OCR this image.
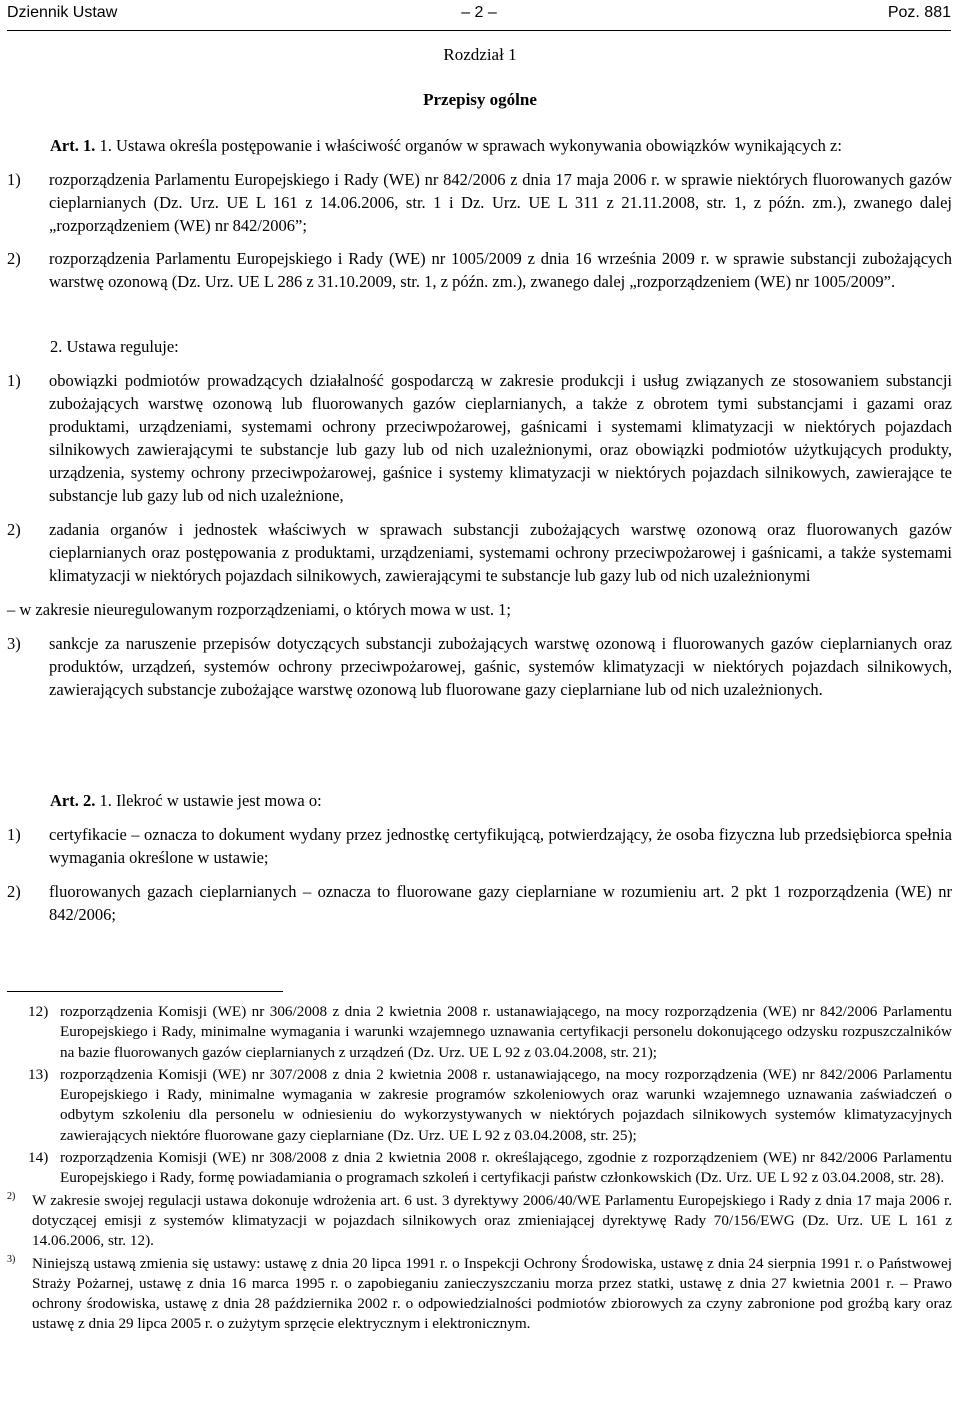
Dziennik Ustaw	– 2 –	Poz. 881
Rozdział 1
Przepisy ogólne

Art. 1. 1. Ustawa określa postępowanie i właściwość organów w sprawach wykonywania obowiązków wynikających z:

1) rozporządzenia Parlamentu Europejskiego i Rady (WE) nr 842/2006 z dnia 17 maja 2006 r. w sprawie niektórych fluorowanych gazów cieplarnianych (Dz. Urz. UE L 161 z 14.06.2006, str. 1 i Dz. Urz. UE L 311 z 21.11.2008, str. 1, z późn. zm.), zwanego dalej „rozporządzeniem (WE) nr 842/2006”;

2) rozporządzenia Parlamentu Europejskiego i Rady (WE) nr 1005/2009 z dnia 16 września 2009 r. w sprawie substancji zubożających warstwę ozonową (Dz. Urz. UE L 286 z 31.10.2009, str. 1, z późn. zm.), zwanego dalej „rozporządzeniem (WE) nr 1005/2009”.

2. Ustawa reguluje:

1) obowiązki podmiotów prowadzących działalność gospodarczą w zakresie produkcji i usług związanych ze stosowaniem substancji zubożających warstwę ozonową lub fluorowanych gazów cieplarnianych, a także z obrotem tymi substancjami i gazami oraz produktami, urządzeniami, systemami ochrony przeciwpożarowej, gaśnicami i systemami klimatyzacji w niektórych pojazdach silnikowych zawierającymi te substancje lub gazy lub od nich uzależnionymi, oraz obowiązki podmiotów użytkujących produkty, urządzenia, systemy ochrony przeciwpożarowej, gaśnice i systemy klimatyzacji w niektórych pojazdach silnikowych, zawierające te substancje lub gazy lub od nich uzależnione,

2) zadania organów i jednostek właściwych w sprawach substancji zubożających warstwę ozonową oraz fluorowanych gazów cieplarnianych oraz postępowania z produktami, urządzeniami, systemami ochrony przeciwpożarowej i gaśnicami, a także systemami klimatyzacji w niektórych pojazdach silnikowych, zawierającymi te substancje lub gazy lub od nich uzależnionymi

– w zakresie nieuregulowanym rozporządzeniami, o których mowa w ust. 1;

3) sankcje za naruszenie przepisów dotyczących substancji zubożających warstwę ozonową i fluorowanych gazów cieplarnianych oraz produktów, urządzeń, systemów ochrony przeciwpożarowej, gaśnic, systemów klimatyzacji w niektórych pojazdach silnikowych, zawierających substancje zubożające warstwę ozonową lub fluorowane gazy cieplarniane lub od nich uzależnionych.

Art. 2. 1. Ilekroć w ustawie jest mowa o:

1) certyfikacie – oznacza to dokument wydany przez jednostkę certyfikującą, potwierdzający, że osoba fizyczna lub przedsiębiorca spełnia wymagania określone w ustawie;

2) fluorowanych gazach cieplarnianych – oznacza to fluorowane gazy cieplarniane w rozumieniu art. 2 pkt 1 rozporządzenia (WE) nr 842/2006;

12) rozporządzenia Komisji (WE) nr 306/2008 z dnia 2 kwietnia 2008 r. ustanawiającego, na mocy rozporządzenia (WE) nr 842/2006 Parlamentu Europejskiego i Rady, minimalne wymagania i warunki wzajemnego uznawania certyfikacji personelu dokonującego odzysku rozpuszczalników na bazie fluorowanych gazów cieplarnianych z urządzeń (Dz. Urz. UE L 92 z 03.04.2008, str. 21);

13) rozporządzenia Komisji (WE) nr 307/2008 z dnia 2 kwietnia 2008 r. ustanawiającego, na mocy rozporządzenia (WE) nr 842/2006 Parlamentu Europejskiego i Rady, minimalne wymagania w zakresie programów szkoleniowych oraz warunki wzajemnego uznawania zaświadczeń o odbytym szkoleniu dla personelu w odniesieniu do wykorzystywanych w niektórych pojazdach silnikowych systemów klimatyzacyjnych zawierających niektóre fluorowane gazy cieplarniane (Dz. Urz. UE L 92 z 03.04.2008, str. 25);

14) rozporządzenia Komisji (WE) nr 308/2008 z dnia 2 kwietnia 2008 r. określającego, zgodnie z rozporządzeniem (WE) nr 842/2006 Parlamentu Europejskiego i Rady, formę powiadamiania o programach szkoleń i certyfikacji państw członkowskich (Dz. Urz. UE L 92 z 03.04.2008, str. 28).

2) W zakresie swojej regulacji ustawa dokonuje wdrożenia art. 6 ust. 3 dyrektywy 2006/40/WE Parlamentu Europejskiego i Rady z dnia 17 maja 2006 r. dotyczącej emisji z systemów klimatyzacji w pojazdach silnikowych oraz zmieniającej dyrektywę Rady 70/156/EWG (Dz. Urz. UE L 161 z 14.06.2006, str. 12).

3) Niniejszą ustawą zmienia się ustawy: ustawę z dnia 20 lipca 1991 r. o Inspekcji Ochrony Środowiska, ustawę z dnia 24 sierpnia 1991 r. o Państwowej Straży Pożarnej, ustawę z dnia 16 marca 1995 r. o zapobieganiu zanieczyszczaniu morza przez statki, ustawę z dnia 27 kwietnia 2001 r. – Prawo ochrony środowiska, ustawę z dnia 28 października 2002 r. o odpowiedzialności podmiotów zbiorowych za czyny zabronione pod groźbą kary oraz ustawę z dnia 29 lipca 2005 r. o zużytym sprzęcie elektrycznym i elektronicznym.
